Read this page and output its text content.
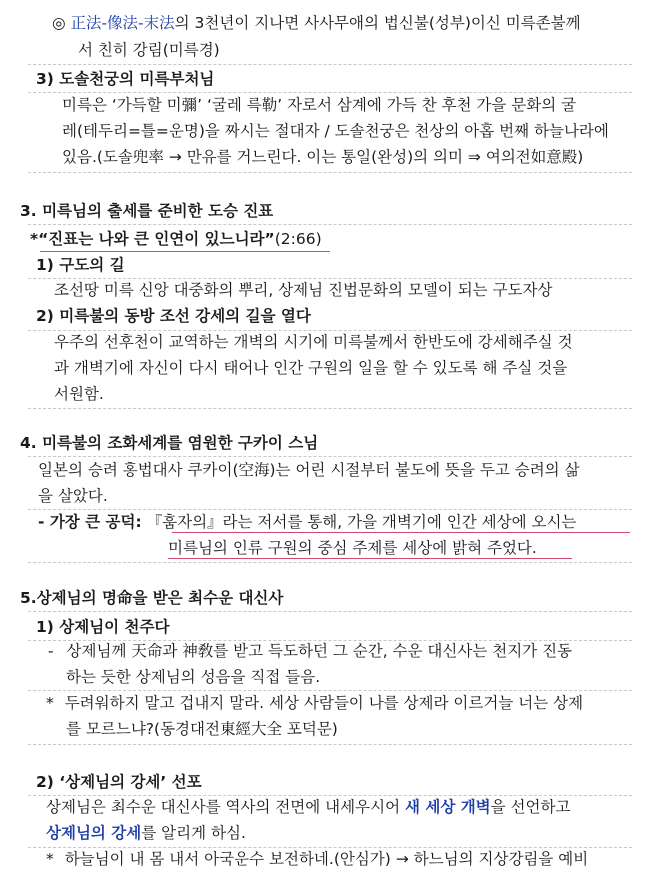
◎ 正法-像法-末法의 3천년이 지나면 사사무애의 법신불(성부)이신 미륵존불께
서 친히 강림(미륵경)
3) 도솔천궁의 미륵부처님
미륵은 ‘가득할 미彌’ ‘굴레 륵勒’ 자로서 삼계에 가득 찬 후천 가을 문화의 굴
레(테두리=틀=운명)을 짜시는 절대자 / 도솔천궁은 천상의 아홉 번째 하늘나라에
있음.(도솔兜率 → 만유를 거느린다. 이는 통일(완성)의 의미 ⇒ 여의전如意殿)
3. 미륵님의 출세를 준비한 도승 진표
*“진표는 나와 큰 인연이 있느니라”(2:66)
1) 구도의 길
조선땅 미륵 신앙 대중화의 뿌리, 상제님 진법문화의 모델이 되는 구도자상
2) 미륵불의 동방 조선 강세의 길을 열다
우주의 선후천이 교역하는 개벽의 시기에 미륵불께서 한반도에 강세해주실 것
과 개벽기에 자신이 다시 태어나 인간 구원의 일을 할 수 있도록 해 주실 것을
서원함.
4. 미륵불의 조화세계를 염원한 구카이 스님
일본의 승려 홍법대사 쿠카이(空海)는 어린 시절부터 불도에 뜻을 두고 승려의 삶
을 살았다.
- 가장 큰 공덕: 『훔자의』라는 저서를 통해, 가을 개벽기에 인간 세상에 오시는
미륵님의 인류 구원의 중심 주제를 세상에 밝혀 주었다.
5.상제님의 명命을 받은 최수운 대신사
1) 상제님이 천주다
- 상제님께 天命과 神敎를 받고 득도하던 그 순간, 수운 대신사는 천지가 진동
하는 듯한 상제님의 성음을 직접 들음.
* 두려워하지 말고 겁내지 말라. 세상 사람들이 나를 상제라 이르거늘 너는 상제
를 모르느냐?(동경대전東經大全 포덕문)
2) ‘상제님의 강세’ 선포
상제님은 최수운 대신사를 역사의 전면에 내세우시어 새 세상 개벽을 선언하고
상제님의 강세를 알리게 하심.
* 하늘님이 내 몸 내서 아국운수 보전하네.(안심가) → 하느님의 지상강림을 예비
